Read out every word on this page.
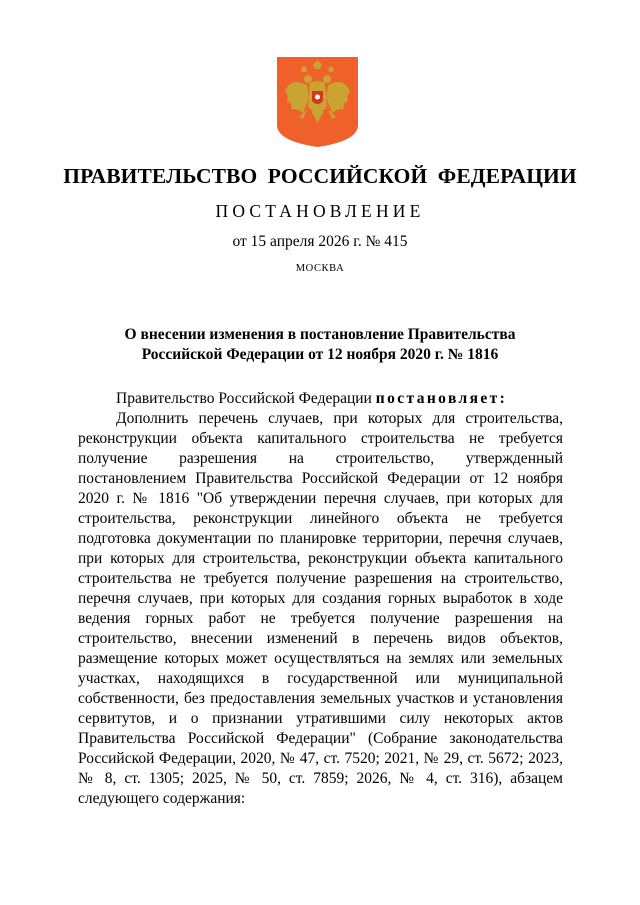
ПРАВИТЕЛЬСТВО РОССИЙСКОЙ ФЕДЕРАЦИИ
ПОСТАНОВЛЕНИЕ
от 15 апреля 2026 г. № 415
МОСКВА
О внесении изменения в постановление Правительства
Российской Федерации от 12 ноября 2020 г. № 1816

Правительство Российской Федерации постановляет:

Дополнить перечень случаев, при которых для строительства, реконструкции объекта капитального строительства не требуется получение разрешения на строительство, утвержденный постановлением Правительства Российской Федерации от 12 ноября 2020 г. № 1816 "Об утверждении перечня случаев, при которых для строительства, реконструкции линейного объекта не требуется подготовка документации по планировке территории, перечня случаев, при которых для строительства, реконструкции объекта капитального строительства не требуется получение разрешения на строительство, перечня случаев, при которых для создания горных выработок в ходе ведения горных работ не требуется получение разрешения на строительство, внесении изменений в перечень видов объектов, размещение которых может осуществляться на землях или земельных участках, находящихся в государственной или муниципальной собственности, без предоставления земельных участков и установления сервитутов, и о признании утратившими силу некоторых актов Правительства Российской Федерации" (Собрание законодательства Российской Федерации, 2020, № 47, ст. 7520; 2021, № 29, ст. 5672; 2023, № 8, ст. 1305; 2025, № 50, ст. 7859; 2026, № 4, ст. 316), абзацем следующего содержания:
